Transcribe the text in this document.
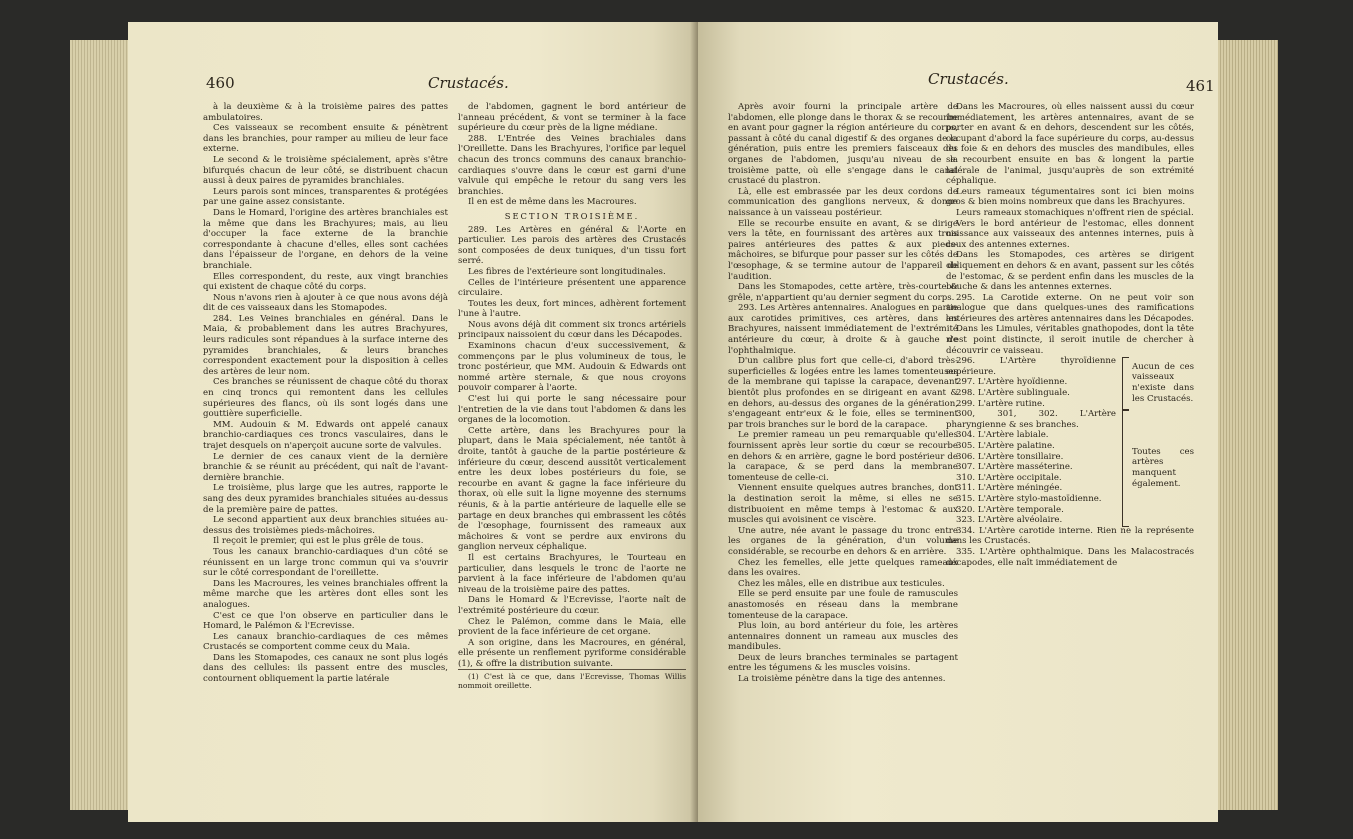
460	Crustacés.

à la deuxième & à la troisième paires des pattes ambulatoires.

Ces vaisseaux se recombent ensuite & pénètrent dans les branchies, pour ramper au milieu de leur face externe.

Le second & le troisième spécialement, après s'être bifurqués chacun de leur côté, se distribuent chacun aussi à deux paires de pyramides branchiales.

Leurs parois sont minces, transparentes & protégées par une gaine assez consistante.

Dans le Homard, l'origine des artères branchiales est la même que dans les Brachyures; mais, au lieu d'occuper la face externe de la branchie correspondante à chacune d'elles, elles sont cachées dans l'épaisseur de l'organe, en dehors de la veine branchiale.

Elles correspondent, du reste, aux vingt branchies qui existent de chaque côté du corps.

Nous n'avons rien à ajouter à ce que nous avons déjà dit de ces vaisseaux dans les Stomapodes.

284. Les Veines branchiales en général. Dans le Maia, & probablement dans les autres Brachyures, leurs radicules sont répandues à la surface interne des pyramides branchiales, & leurs branches correspondent exactement pour la disposition à celles des artères de leur nom.

Ces branches se réunissent de chaque côté du thorax en cinq troncs qui remontent dans les cellules supérieures des flancs, où ils sont logés dans une gouttière superficielle.

MM. Audouin & M. Edwards ont appelé canaux branchio-cardiaques ces troncs vasculaires, dans le trajet desquels on n'aperçoit aucune sorte de valvules.

Le dernier de ces canaux vient de la dernière branchie & se réunit au précédent, qui naît de l'avant-dernière branchie.

Le troisième, plus large que les autres, rapporte le sang des deux pyramides branchiales situées au-dessus de la première paire de pattes.

Le second appartient aux deux branchies situées au-dessus des troisièmes pieds-mâchoires.

Il reçoit le premier, qui est le plus grêle de tous.

Tous les canaux branchio-cardiaques d'un côté se réunissent en un large tronc commun qui va s'ouvrir sur le côté correspondant de l'oreillette.

Dans les Macroures, les veines branchiales offrent la même marche que les artères dont elles sont les analogues.

C'est ce que l'on observe en particulier dans le Homard, le Palémon & l'Ecrevisse.

Les canaux branchio-cardiaques de ces mêmes Crustacés se comportent comme ceux du Maia.

Dans les Stomapodes, ces canaux ne sont plus logés dans des cellules: ils passent entre des muscles, contournent obliquement la partie latérale

de l'abdomen, gagnent le bord antérieur de l'anneau précédent, & vont se terminer à la face supérieure du cœur près de la ligne médiane.

288. L'Entrée des Veines brachiales dans l'Oreillette. Dans les Brachyures, l'orifice par lequel chacun des troncs communs des canaux branchio-cardiaques s'ouvre dans le cœur est garni d'une valvule qui empêche le retour du sang vers les branchies.

Il en est de même dans les Macroures.

SECTION TROISIÈME.

289. Les Artères en général & l'Aorte en particulier. Les parois des artères des Crustacés sont composées de deux tuniques, d'un tissu fort serré.

Les fibres de l'extérieure sont longitudinales.

Celles de l'intérieure présentent une apparence circulaire.

Toutes les deux, fort minces, adhèrent fortement l'une à l'autre.

Nous avons déjà dit comment six troncs artériels principaux naissoient du cœur dans les Décapodes.

Examinons chacun d'eux successivement, & commençons par le plus volumineux de tous, le tronc postérieur, que MM. Audouin & Edwards ont nommé artère sternale, & que nous croyons pouvoir comparer à l'aorte.

C'est lui qui porte le sang nécessaire pour l'entretien de la vie dans tout l'abdomen & dans les organes de la locomotion.

Cette artère, dans les Brachyures pour la plupart, dans le Maia spécialement, née tantôt à droite, tantôt à gauche de la partie postérieure & inférieure du cœur, descend aussitôt verticalement entre les deux lobes postérieurs du foie, se recourbe en avant & gagne la face inférieure du thorax, où elle suit la ligne moyenne des sternums réunis, & à la partie antérieure de laquelle elle se partage en deux branches qui embrassent les côtés de l'œsophage, fournissent des rameaux aux mâchoires & vont se perdre aux environs du ganglion nerveux céphalique.

Il est certains Brachyures, le Tourteau en particulier, dans lesquels le tronc de l'aorte ne parvient à la face inférieure de l'abdomen qu'au niveau de la troisième paire des pattes.

Dans le Homard & l'Ecrevisse, l'aorte naît de l'extrémité postérieure du cœur.

Chez le Palémon, comme dans le Maia, elle provient de la face inférieure de cet organe.

A son origine, dans les Macroures, en général, elle présente un renflement pyriforme considérable (1), & offre la distribution suivante.

(1) C'est là ce que, dans l'Ecrevisse, Thomas Willis nommoit oreillette.

Crustacés.	461

Après avoir fourni la principale artère de l'abdomen, elle plonge dans le thorax & se recourbe en avant pour gagner la région antérieure du corps, passant à côté du canal digestif & des organes de la génération, puis entre les premiers faisceaux des organes de l'abdomen, jusqu'au niveau de la troisième patte, où elle s'engage dans le canal crustacé du plastron.

Là, elle est embrassée par les deux cordons de communication des ganglions nerveux, & donne naissance à un vaisseau postérieur.

Elle se recourbe ensuite en avant, & se dirige vers la tête, en fournissant des artères aux trois paires antérieures des pattes & aux pieds-mâchoires, se bifurque pour passer sur les côtés de l'œsophage, & se termine autour de l'appareil de l'audition.

Dans les Stomapodes, cette artère, très-courte & grêle, n'appartient qu'au dernier segment du corps.

293. Les Artères antennaires. Analogues en partie aux carotides primitives, ces artères, dans les Brachyures, naissent immédiatement de l'extrémité antérieure du cœur, à droite & à gauche de l'ophthalmique.

D'un calibre plus fort que celle-ci, d'abord très-superficielles & logées entre les lames tomenteuses de la membrane qui tapisse la carapace, devenant bientôt plus profondes en se dirigeant en avant & en dehors, au-dessus des organes de la génération, s'engageant entr'eux & le foie, elles se terminent par trois branches sur le bord de la carapace.

Le premier rameau un peu remarquable qu'elles fournissent après leur sortie du cœur se recourbe en dehors & en arrière, gagne le bord postérieur de la carapace, & se perd dans la membrane tomenteuse de celle-ci.

Viennent ensuite quelques autres branches, dont la destination seroit la même, si elles ne se distribuoient en même temps à l'estomac & aux muscles qui avoisinent ce viscère.

Une autre, née avant le passage du tronc entre les organes de la génération, d'un volume considérable, se recourbe en dehors & en arrière.

Chez les femelles, elle jette quelques rameaux dans les ovaires.

Chez les mâles, elle en distribue aux testicules.

Elle se perd ensuite par une foule de ramuscules anastomosés en réseau dans la membrane tomenteuse de la carapace.

Plus loin, au bord antérieur du foie, les artères antennaires donnent un rameau aux muscles des mandibules.

Deux de leurs branches terminales se partagent entre les tégumens & les muscles voisins.

La troisième pénètre dans la tige des antennes.

Dans les Macroures, où elles naissent aussi du cœur immédiatement, les artères antennaires, avant de se porter en avant & en dehors, descendent sur les côtés, occupant d'abord la face supérieure du corps, au-dessus du foie & en dehors des muscles des mandibules, elles se recourbent ensuite en bas & longent la partie latérale de l'animal, jusqu'auprès de son extrémité céphalique.

Leurs rameaux tégumentaires sont ici bien moins gros & bien moins nombreux que dans les Brachyures.

Leurs rameaux stomachiques n'offrent rien de spécial.

Vers le bord antérieur de l'estomac, elles donnent naissance aux vaisseaux des antennes internes, puis à ceux des antennes externes.

Dans les Stomapodes, ces artères se dirigent obliquement en dehors & en avant, passent sur les côtés de l'estomac, & se perdent enfin dans les muscles de la bouche & dans les antennes externes.

295. La Carotide externe. On ne peut voir son analogue que dans quelques-unes des ramifications antérieures des artères antennaires dans les Décapodes.

Dans les Limules, véritables gnathopodes, dont la tête n'est point distincte, il seroit inutile de chercher à découvrir ce vaisseau.

296. L'Artère thyroïdienne supérieure.

297. L'Artère hyoïdienne.

298. L'Artère sublinguale.

299. L'artère rutine.

Aucun de ces vaisseaux n'existe dans les Crustacés.

300, 301, 302. L'Artère pharyngienne & ses branches.

304. L'Artère labiale.

305. L'Artère palatine.

306. L'Artère tonsillaire.

307. L'Artère masséterine.

310. L'Artère occipitale.

311. L'Artère méningée.

315. L'Artère stylo-mastoïdienne.

320. L'Artère temporale.

323. L'Artère alvéolaire.

Toutes ces artères manquent également.

334. L'Artère carotide interne. Rien ne la représente dans les Crustacés.

335. L'Artère ophthalmique. Dans les Malacostracés décapodes, elle naît immédiatement de
